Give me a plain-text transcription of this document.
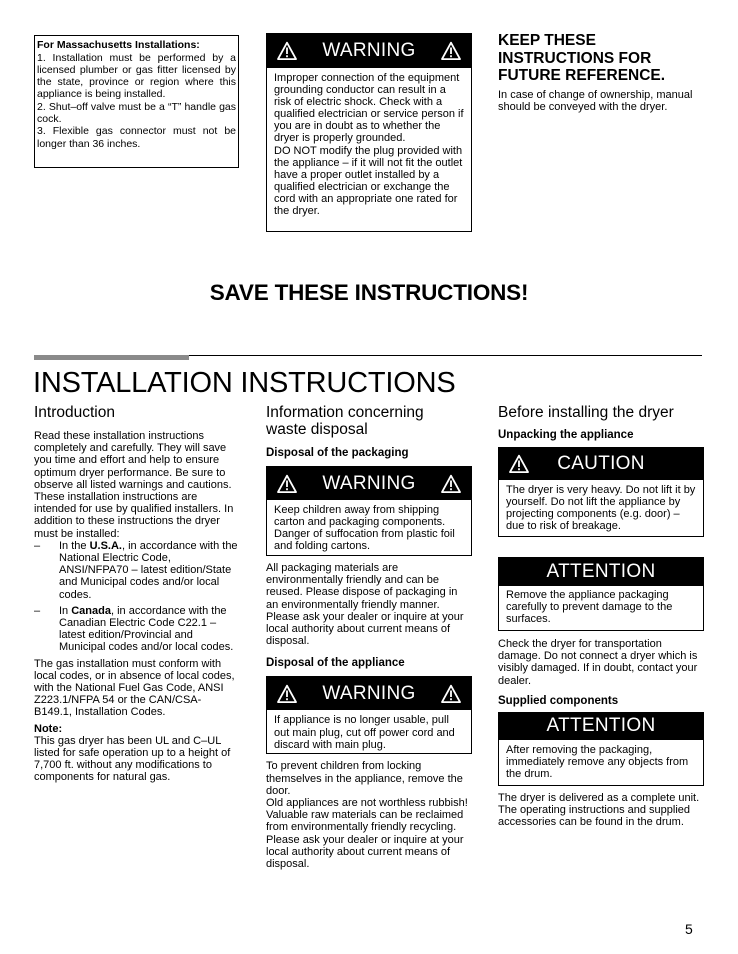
For Massachusetts Installations:

1. Installation must be performed by a licensed plumber or gas fitter licensed by the state, province or region where this appliance is being installed.

2. Shut–off valve must be a “T” handle gas cock.

3. Flexible gas connector must not be longer than 36 inches.

WARNING

Improper connection of the equipment grounding conductor can result in a risk of electric shock. Check with a qualified electrician or service person if you are in doubt as to whether the dryer is properly grounded.

DO NOT modify the plug provided with the appliance – if it will not fit the outlet have a proper outlet installed by a qualified electrician or exchange the cord with an appropriate one rated for the dryer.

KEEP THESE INSTRUCTIONS FOR FUTURE REFERENCE.

In case of change of ownership, manual should be conveyed with the dryer.

SAVE THESE INSTRUCTIONS!
INSTALLATION INSTRUCTIONS
Introduction

Read these installation instructions completely and carefully. They will save you time and effort and help to ensure optimum dryer performance. Be sure to observe all listed warnings and cautions.

These installation instructions are intended for use by qualified installers. In addition to these instructions the dryer must be installed:

– In the U.S.A., in accordance with the National Electric Code, ANSI/NFPA70 – latest edition/State and Municipal codes and/or local codes.
– In Canada, in accordance with the Canadian Electric Code C22.1 – latest edition/Provincial and Municipal codes and/or local codes.

The gas installation must conform with local codes, or in absence of local codes, with the National Fuel Gas Code, ANSI Z223.1/NFPA 54 or the CAN/CSA-B149.1, Installation Codes.

Note:

This gas dryer has been UL and C–UL listed for safe operation up to a height of 7,700 ft. without any modifications to components for natural gas.

Information concerning waste disposal
Disposal of the packaging
WARNING

Keep children away from shipping carton and packaging components. Danger of suffocation from plastic foil and folding cartons.

All packaging materials are environmentally friendly and can be reused. Please dispose of packaging in an environmentally friendly manner.

Please ask your dealer or inquire at your local authority about current means of disposal.

Disposal of the appliance
WARNING

If appliance is no longer usable, pull out main plug, cut off power cord and discard with main plug.

To prevent children from locking themselves in the appliance, remove the door.

Old appliances are not worthless rubbish! Valuable raw materials can be reclaimed from environmentally friendly recycling.

Please ask your dealer or inquire at your local authority about current means of disposal.

Before installing the dryer
Unpacking the appliance
CAUTION

The dryer is very heavy. Do not lift it by yourself. Do not lift the appliance by projecting components (e.g. door) – due to risk of breakage.

ATTENTION

Remove the appliance packaging carefully to prevent damage to the surfaces.

Check the dryer for transportation damage. Do not connect a dryer which is visibly damaged. If in doubt, contact your dealer.

Supplied components
ATTENTION

After removing the packaging, immediately remove any objects from the drum.

The dryer is delivered as a complete unit. The operating instructions and supplied accessories can be found in the drum.

5
